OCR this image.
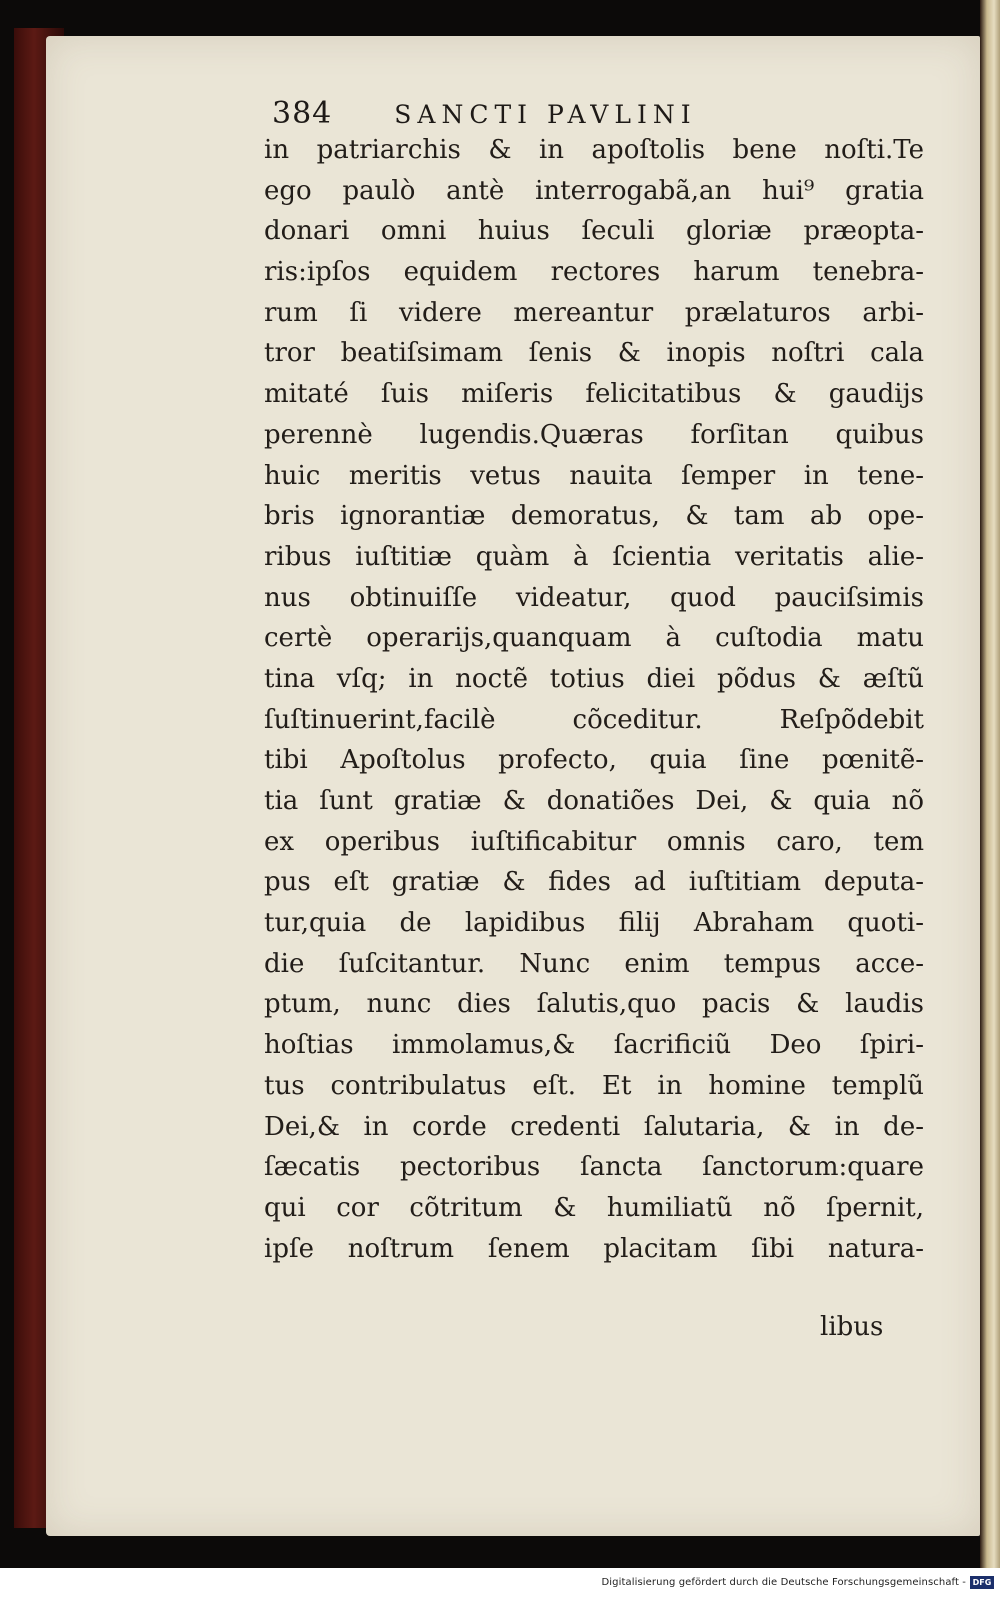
384 SANCTI PAVLINI
in patriarchis & in apoſtolis bene noſti.Te
ego paulò antè interrogabã,an hui⁹ gratia
donari omni huius ſeculi gloriæ præopta-
ris:ipſos equidem rectores harum tenebra-
rum ſi videre mereantur prælaturos arbi-
tror beatiſsimam ſenis & inopis noſtri cala
mitaté ſuis miſeris felicitatibus & gaudijs
perennè lugendis.Quæras forſitan quibus
huic meritis vetus nauita ſemper in tene-
bris ignorantiæ demoratus, & tam ab ope-
ribus iuſtitiæ quàm à ſcientia veritatis alie-
nus obtinuiſſe videatur, quod pauciſsimis
certè operarijs,quanquam à cuſtodia matu
tina vſq; in noctẽ totius diei põdus & æſtũ
ſuſtinuerint,facilè cõceditur. Reſpõdebit
tibi Apoſtolus profecto, quia ſine pœnitẽ-
tia ſunt gratiæ & donatiões Dei, & quia nõ
ex operibus iuſtificabitur omnis caro, tem
pus eſt gratiæ & fides ad iuſtitiam deputa-
tur,quia de lapidibus filij Abraham quoti-
die ſuſcitantur. Nunc enim tempus acce-
ptum, nunc dies ſalutis,quo pacis & laudis
hoſtias immolamus,& ſacrificiũ Deo ſpiri-
tus contribulatus eſt. Et in homine templũ
Dei,& in corde credenti ſalutaria, & in de-
ſæcatis pectoribus ſancta ſanctorum:quare
qui cor cõtritum & humiliatũ nõ ſpernit,
ipſe noſtrum ſenem placitam ſibi natura-
libus
Digitalisierung gefördert durch die Deutsche Forschungsgemeinschaft - DFG
